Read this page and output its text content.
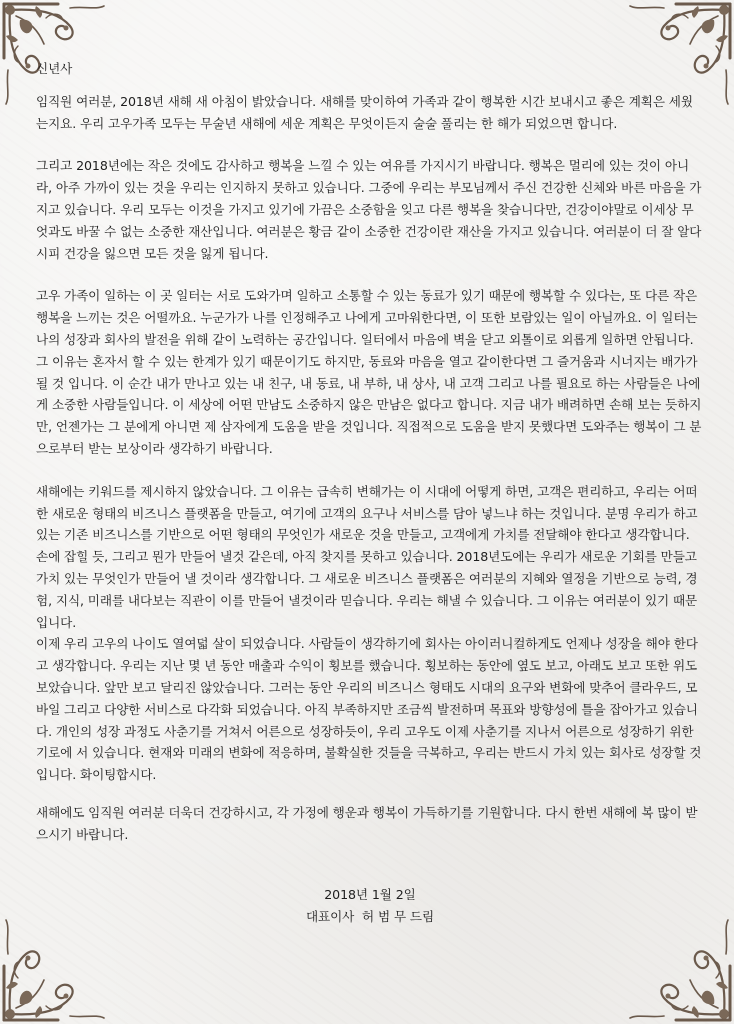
신년사
임직원 여러분, 2018년 새해 새 아침이 밝았습니다. 새해를 맞이하여 가족과 같이 행복한 시간 보내시고 좋은 계획은 세웠는지요. 우리 고우가족 모두는 무술년 새해에 세운 계획은 무엇이든지 술술 풀리는 한 해가 되었으면 합니다.
그리고 2018년에는 작은 것에도 감사하고 행복을 느낄 수 있는 여유를 가지시기 바랍니다. 행복은 멀리에 있는 것이 아니라, 아주 가까이 있는 것을 우리는 인지하지 못하고 있습니다. 그중에 우리는 부모님께서 주신 건강한 신체와 바른 마음을 가지고 있습니다. 우리 모두는 이것을 가지고 있기에 가끔은 소중함을 잊고 다른 행복을 찾습니다만, 건강이야말로 이세상 무엇과도 바꿀 수 없는 소중한 재산입니다. 여러분은 황금 같이 소중한 건강이란 재산을 가지고 있습니다. 여러분이 더 잘 알다시피 건강을 잃으면 모든 것을 잃게 됩니다.
고우 가족이 일하는 이 곳 일터는 서로 도와가며 일하고 소통할 수 있는 동료가 있기 때문에 행복할 수 있다는, 또 다른 작은 행복을 느끼는 것은 어떨까요. 누군가가 나를 인정해주고 나에게 고마워한다면, 이 또한 보람있는 일이 아닐까요. 이 일터는 나의 성장과 회사의 발전을 위해 같이 노력하는 공간입니다. 일터에서 마음에 벽을 닫고 외톨이로 외롭게 일하면 안됩니다. 그 이유는 혼자서 할 수 있는 한계가 있기 때문이기도 하지만, 동료와 마음을 열고 같이한다면 그 즐거움과 시너지는 배가가 될 것 입니다. 이 순간 내가 만나고 있는 내 친구, 내 동료, 내 부하, 내 상사, 내 고객 그리고 나를 필요로 하는 사람들은 나에게 소중한 사람들입니다. 이 세상에 어떤 만남도 소중하지 않은 만남은 없다고 합니다. 지금 내가 배려하면 손해 보는 듯하지만, 언젠가는 그 분에게 아니면 제 삼자에게 도움을 받을 것입니다. 직접적으로 도움을 받지 못했다면 도와주는 행복이 그 분으로부터 받는 보상이라 생각하기 바랍니다.
새해에는 키워드를 제시하지 않았습니다. 그 이유는 급속히 변해가는 이 시대에 어떻게 하면, 고객은 편리하고, 우리는 어떠한 새로운 형태의 비즈니스 플랫폼을 만들고, 여기에 고객의 요구나 서비스를 담아 넣느냐 하는 것입니다. 분명 우리가 하고 있는 기존 비즈니스를 기반으로 어떤 형태의 무엇인가 새로운 것을 만들고, 고객에게 가치를 전달해야 한다고 생각합니다. 손에 잡힐 듯, 그리고 뭔가 만들어 낼것 같은데, 아직 찾지를 못하고 있습니다. 2018년도에는 우리가 새로운 기회를 만들고 가치 있는 무엇인가 만들어 낼 것이라 생각합니다. 그 새로운 비즈니스 플랫폼은 여러분의 지혜와 열정을 기반으로 능력, 경험, 지식, 미래를 내다보는 직관이 이를 만들어 낼것이라 믿습니다. 우리는 해낼 수 있습니다. 그 이유는 여러분이 있기 때문입니다.
이제 우리 고우의 나이도 열여덟 살이 되었습니다. 사람들이 생각하기에 회사는 아이러니컬하게도 언제나 성장을 해야 한다고 생각합니다. 우리는 지난 몇 년 동안 매출과 수익이 횡보를 했습니다. 횡보하는 동안에 옆도 보고, 아래도 보고 또한 위도 보았습니다. 앞만 보고 달리진 않았습니다. 그러는 동안 우리의 비즈니스 형태도 시대의 요구와 변화에 맞추어 클라우드, 모바일 그리고 다양한 서비스로 다각화 되었습니다. 아직 부족하지만 조금씩 발전하며 목표와 방향성에 틀을 잡아가고 있습니다. 개인의 성장 과정도 사춘기를 거쳐서 어른으로 성장하듯이, 우리 고우도 이제 사춘기를 지나서 어른으로 성장하기 위한 기로에 서 있습니다. 현재와 미래의 변화에 적응하며, 불확실한 것들을 극복하고, 우리는 반드시 가치 있는 회사로 성장할 것입니다. 화이팅합시다.
새해에도 임직원 여러분 더욱더 건강하시고, 각 가정에 행운과 행복이 가득하기를 기원합니다. 다시 한번 새해에 복 많이 받으시기 바랍니다.
2018년 1월 2일
대표이사  허 범 무 드림
